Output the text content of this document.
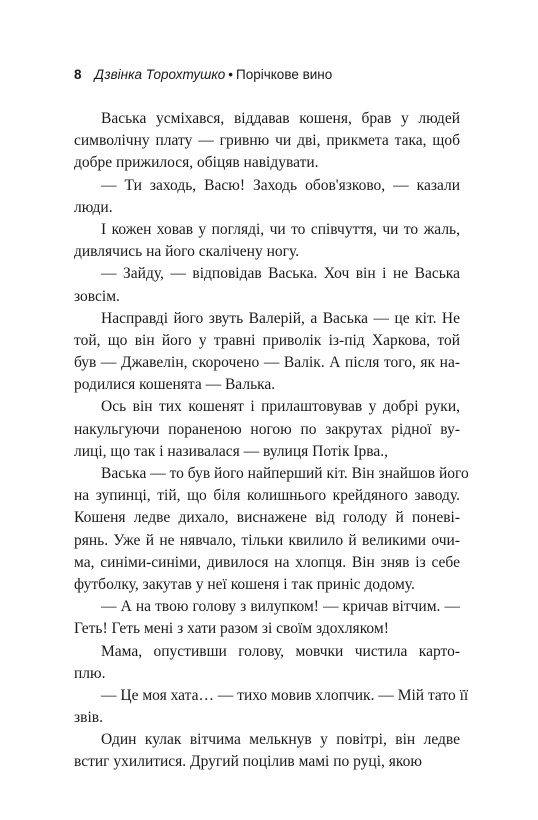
8 Дзвінка Торохтушко • Порічкове вино
Васька усміхався, віддавав кошеня, брав у людей
символічну плату — гривню чи дві, прикмета така, щоб
добре прижилося, обіцяв навідувати.
— Ти заходь, Васю! Заходь обов'язково, — казали
люди.
І кожен ховав у погляді, чи то співчуття, чи то жаль,
дивлячись на його скалічену ногу.
— Зайду, — відповідав Васька. Хоч він і не Васька
зовсім.
Насправді його звуть Валерій, а Васька — це кіт. Не
той, що він його у травні приволік із-під Харкова, той
був — Джавелін, скорочено — Валік. А після того, як на-
родилися кошенята — Валька.
Ось він тих кошенят і прилаштовував у добрі руки,
накульгуючи пораненою ногою по закрутах рідної ву-
лиці, що так і називалася — вулиця Потік Ірва.,
Васька — то був його найперший кіт. Він знайшов його
на зупинці, тій, що біля колишнього крейдяного заводу.
Кошеня ледве дихало, виснажене від голоду й поневі-
рянь. Уже й не нявчало, тільки квилило й великими очи-
ма, синіми-синіми, дивилося на хлопця. Він зняв із себе
футболку, закутав у неї кошеня і так приніс додому.
— А на твою голову з вилупком! — кричав вітчим. —
Геть! Геть мені з хати разом зі своїм здохляком!
Мама, опустивши голову, мовчки чистила карто-
плю.
— Це моя хата… — тихо мовив хлопчик. — Мій тато її
звів.
Один кулак вітчима мелькнув у повітрі, він ледве
встиг ухилитися. Другий поцілив мамі по руці, якою
